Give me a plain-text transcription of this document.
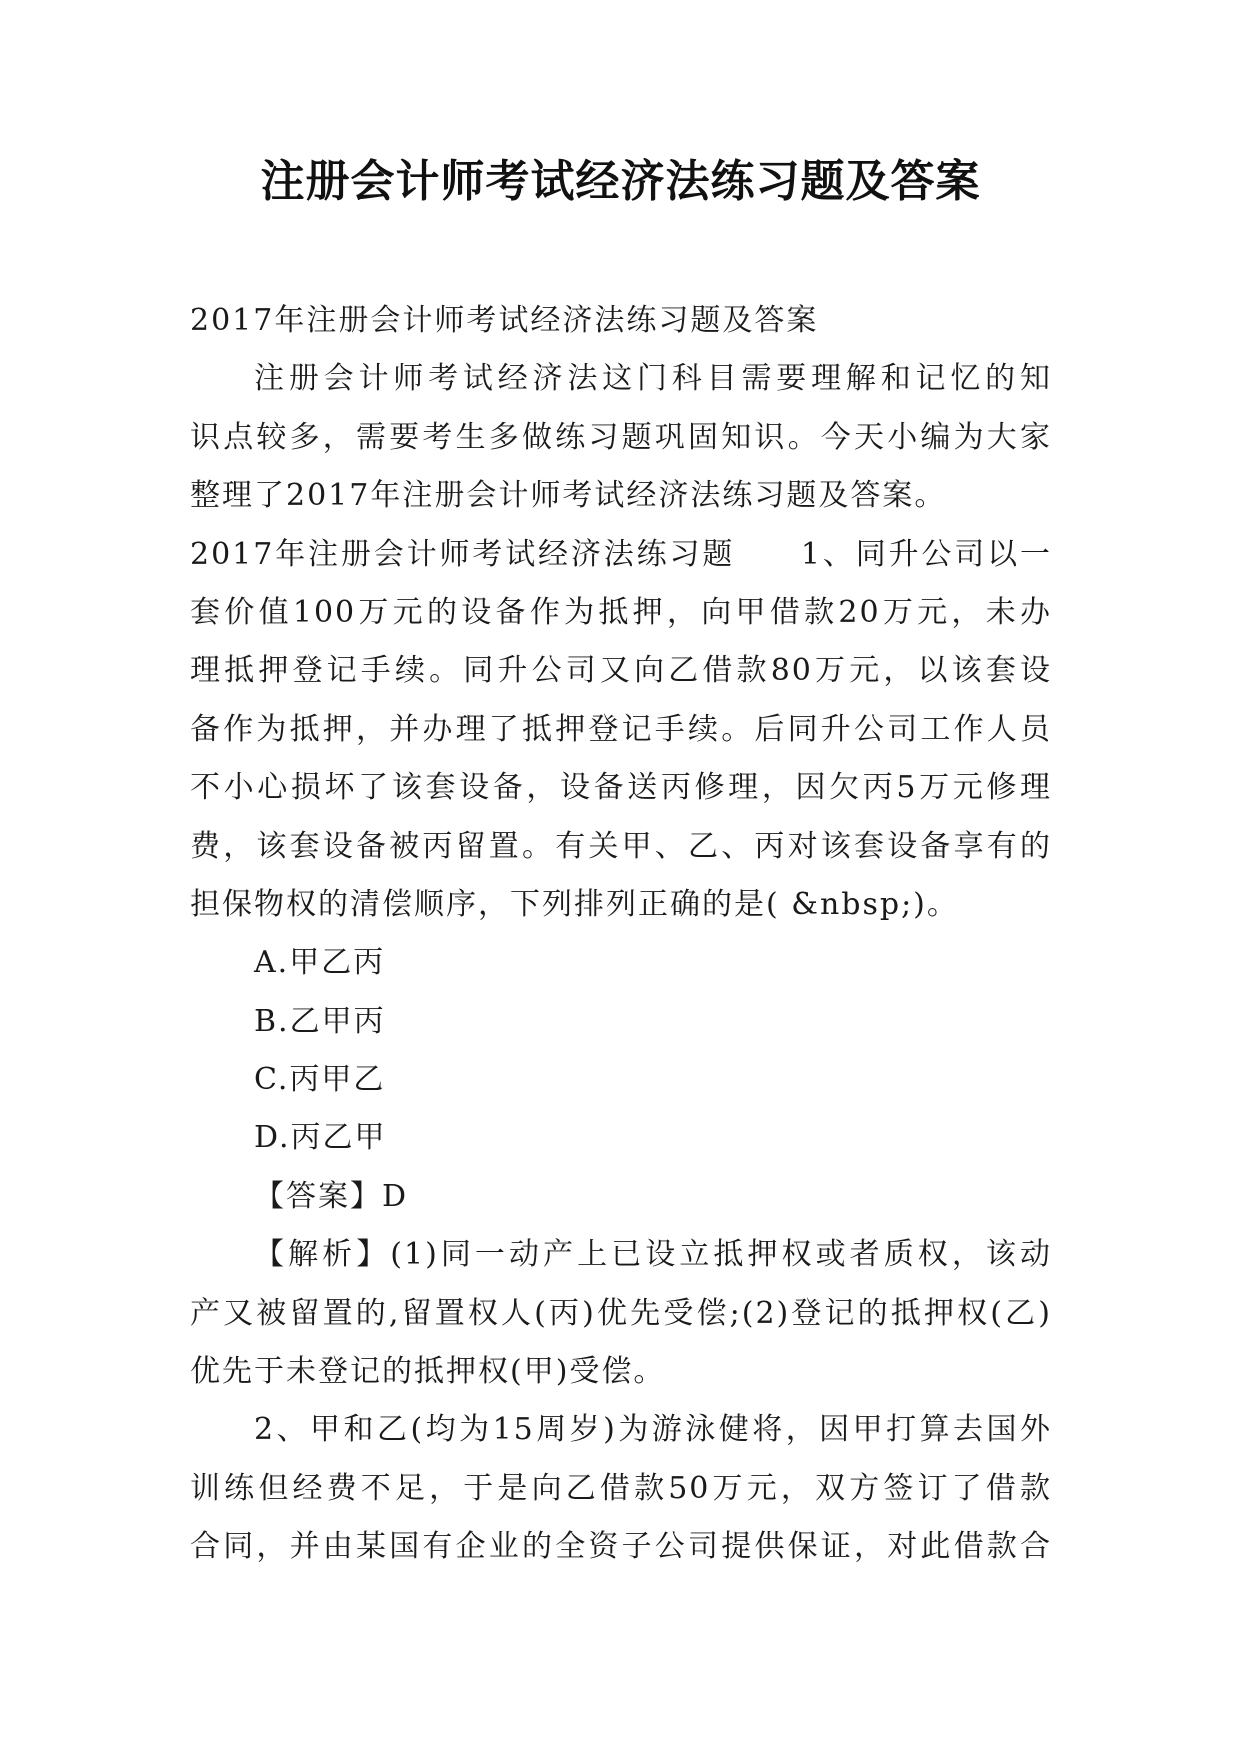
注册会计师考试经济法练习题及答案
2017年注册会计师考试经济法练习题及答案
注册会计师考试经济法这门科目需要理解和记忆的知
识点较多，需要考生多做练习题巩固知识。今天小编为大家
整理了2017年注册会计师考试经济法练习题及答案。
2017年注册会计师考试经济法练习题　　1、同升公司以一
套价值100万元的设备作为抵押，向甲借款20万元，未办
理抵押登记手续。同升公司又向乙借款80万元，以该套设
备作为抵押，并办理了抵押登记手续。后同升公司工作人员
不小心损坏了该套设备，设备送丙修理，因欠丙5万元修理
费，该套设备被丙留置。有关甲、乙、丙对该套设备享有的
担保物权的清偿顺序，下列排列正确的是( &nbsp;)。
A.甲乙丙
B.乙甲丙
C.丙甲乙
D.丙乙甲
【答案】D
【解析】(1)同一动产上已设立抵押权或者质权，该动
产又被留置的,留置权人(丙)优先受偿;(2)登记的抵押权(乙)
优先于未登记的抵押权(甲)受偿。
2、甲和乙(均为15周岁)为游泳健将，因甲打算去国外
训练但经费不足，于是向乙借款50万元，双方签订了借款
合同，并由某国有企业的全资子公司提供保证，对此借款合
